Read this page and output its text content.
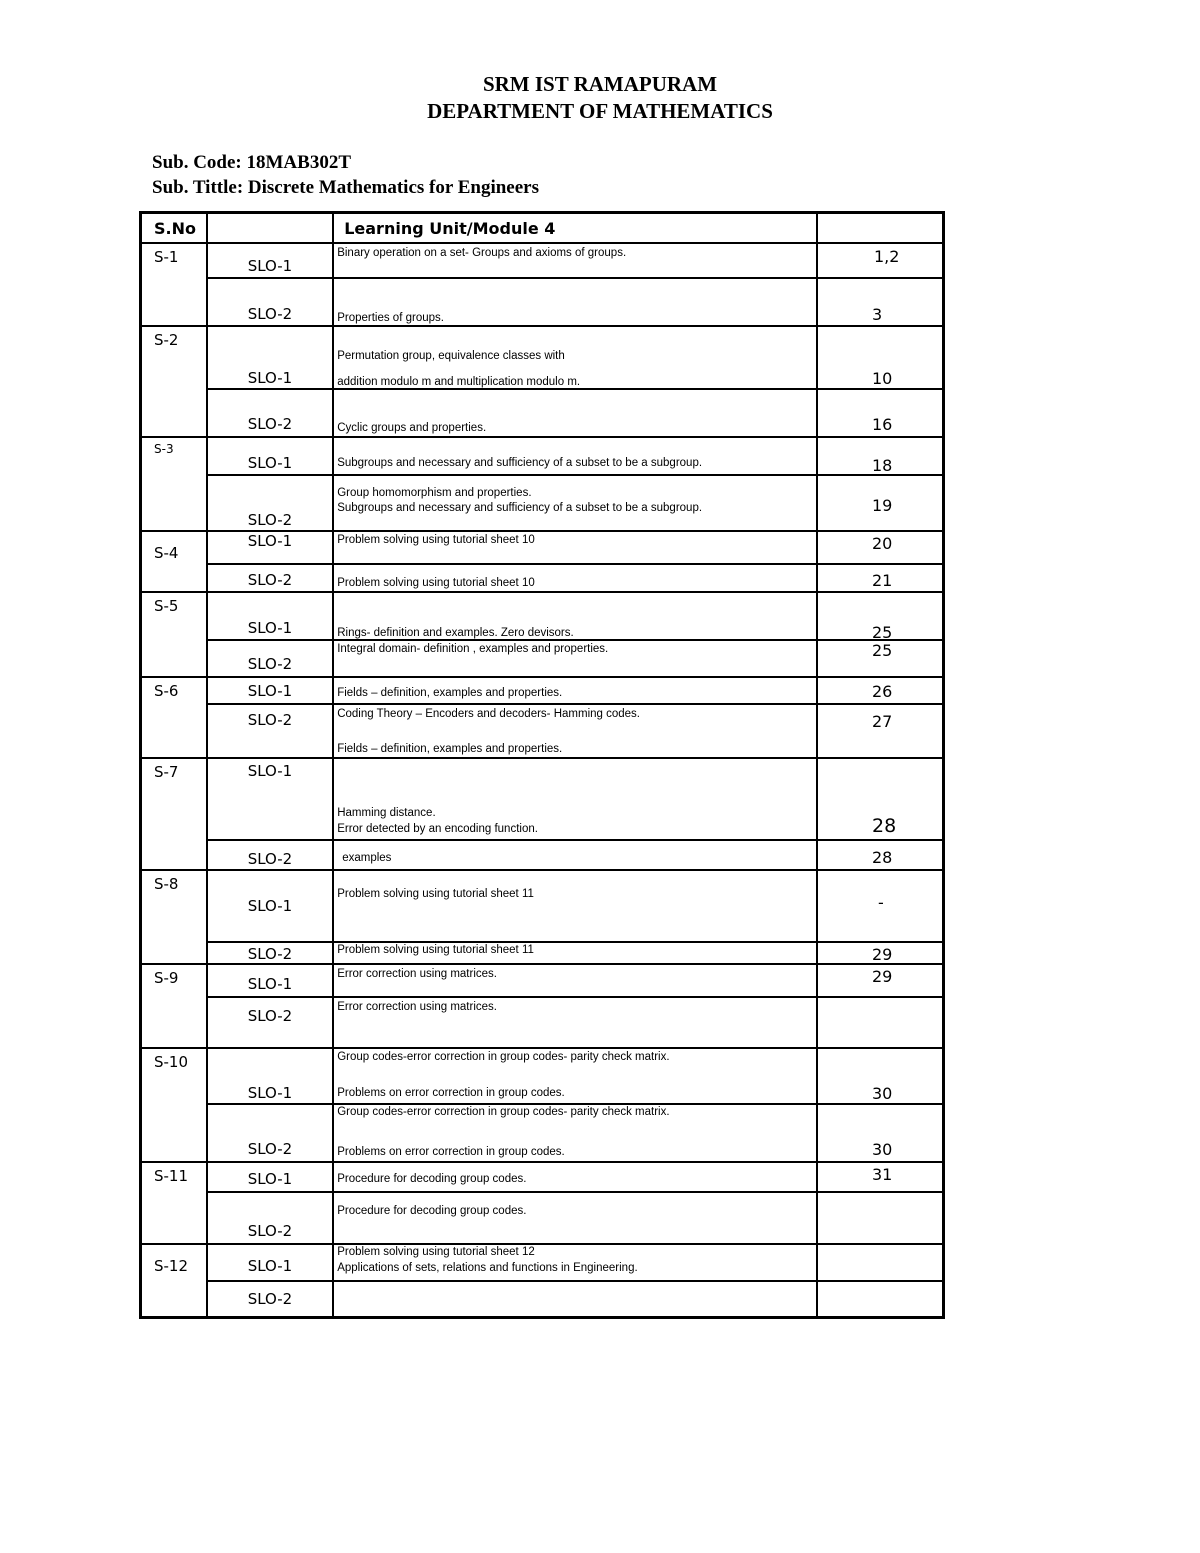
SRM IST RAMAPURAM
DEPARTMENT OF MATHEMATICS
Sub. Code: 18MAB302T
Sub. Tittle: Discrete Mathematics for Engineers
S.No		Learning Unit/Module 4	

S-1	SLO-1	Binary operation on a set- Groups and axioms of groups.	1,2

	SLO-2	Properties of groups.	3

S-2	SLO-1	Permutation group, equivalence classes with
addition modulo m and multiplication modulo m.	10

	SLO-2	Cyclic groups and properties.	16

S-3	SLO-1	Subgroups and necessary and sufficiency of a subset to be a subgroup.	18

	SLO-2	Group homomorphism and properties.
Subgroups and necessary and sufficiency of a subset to be a subgroup.	19

S-4	SLO-1	Problem solving using tutorial sheet 10	20

	SLO-2	Problem solving using tutorial sheet 10	21

S-5	SLO-1	Rings- definition and examples. Zero devisors.	25

	SLO-2	Integral domain- definition , examples and properties.	25

S-6	SLO-1	Fields – definition, examples and properties.	26

	SLO-2	Coding Theory – Encoders and decoders- Hamming codes.
Fields – definition, examples and properties.	27

S-7	SLO-1	Hamming distance.
Error detected by an encoding function.	28

	SLO-2	examples	28

S-8	SLO-1	Problem solving using tutorial sheet 11	-

	SLO-2	Problem solving using tutorial sheet 11	29

S-9	SLO-1	Error correction using matrices.	29

	SLO-2	Error correction using matrices.	

S-10	SLO-1	Group codes-error correction in group codes- parity check matrix.
Problems on error correction in group codes.	30

	SLO-2	Group codes-error correction in group codes- parity check matrix.
Problems on error correction in group codes.	30

S-11	SLO-1	Procedure for decoding group codes.	31

	SLO-2	Procedure for decoding group codes.	

S-12	SLO-1	Problem solving using tutorial sheet 12
Applications of sets, relations and functions in Engineering.	

	SLO-2		
